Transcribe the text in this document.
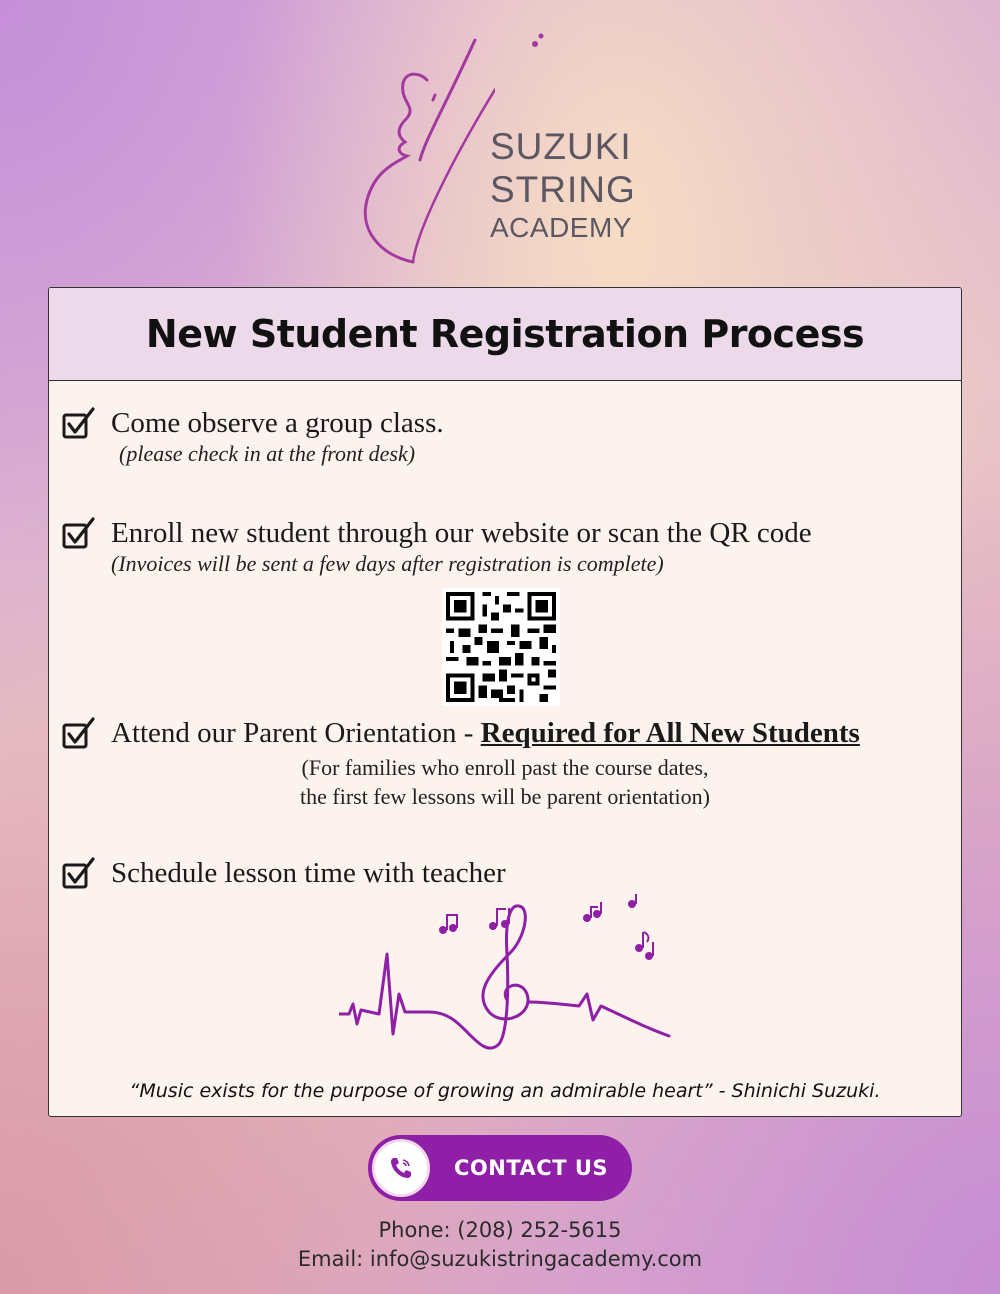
SUZUKI
STRING
ACADEMY
New Student Registration Process
Come observe a group class.
(please check in at the front desk)
Enroll new student through our website or scan the QR code
(Invoices will be sent a few days after registration is complete)
Attend our Parent Orientation - Required for All New Students
(For families who enroll past the course dates,
the first few lessons will be parent orientation)
Schedule lesson time with teacher
“Music exists for the purpose of growing an admirable heart” - Shinichi Suzuki.
CONTACT US
Phone: (208) 252-5615
Email: info@suzukistringacademy.com
